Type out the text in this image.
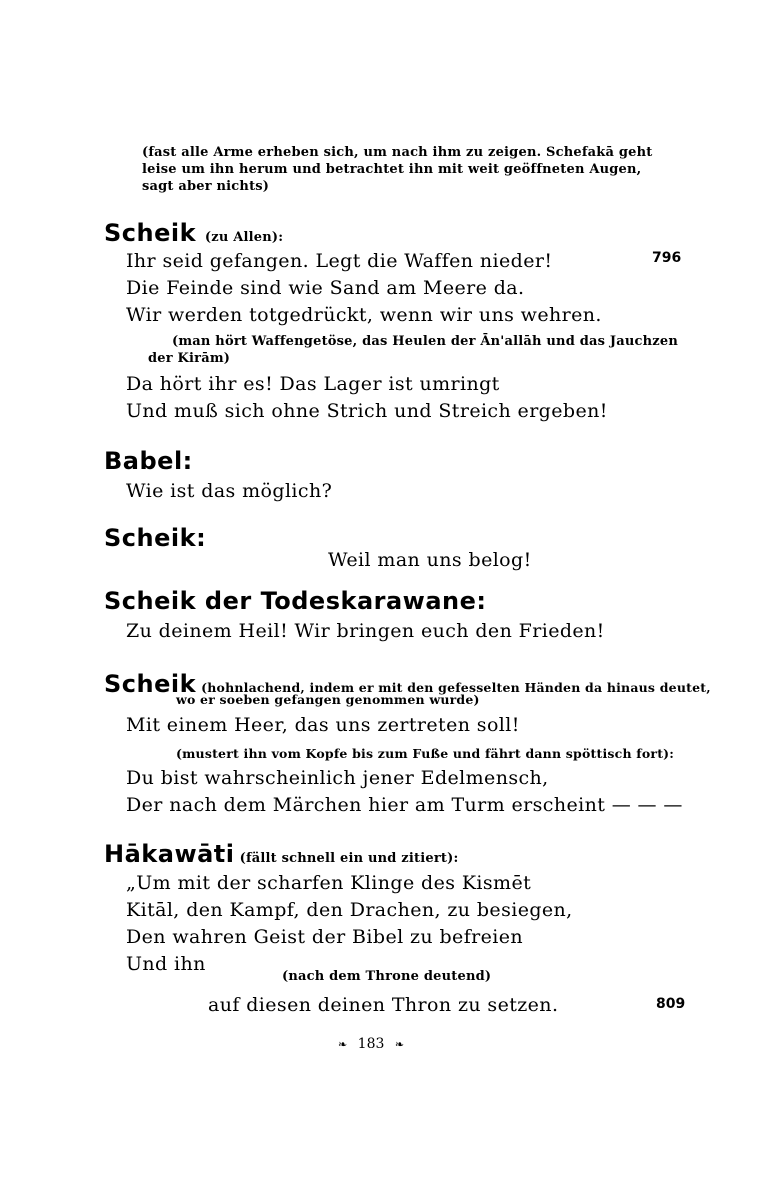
(fast alle Arme erheben sich, um nach ihm zu zeigen. Schefakā geht
leise um ihn herum und betrachtet ihn mit weit geöffneten Augen,
sagt aber nichts)
Scheik (zu Allen):
Ihr seid gefangen. Legt die Waffen nieder!
Die Feinde sind wie Sand am Meere da.
Wir werden totgedrückt, wenn wir uns wehren.
796
(man hört Waffengetöse, das Heulen der Ān'allāh und das Jauchzen
der Kirām)
Da hört ihr es! Das Lager ist umringt
Und muß sich ohne Strich und Streich ergeben!
Babel:
Wie ist das möglich?
Scheik:
Weil man uns belog!
Scheik der Todeskarawane:
Zu deinem Heil! Wir bringen euch den Frieden!
Scheik (hohnlachend, indem er mit den gefesselten Händen da hinaus deutet,
wo er soeben gefangen genommen wurde)
Mit einem Heer, das uns zertreten soll!
(mustert ihn vom Kopfe bis zum Fuße und fährt dann spöttisch fort):
Du bist wahrscheinlich jener Edelmensch,
Der nach dem Märchen hier am Turm erscheint — — —
Hākawāti (fällt schnell ein und zitiert):
„Um mit der scharfen Klinge des Kismēt
Kitāl, den Kampf, den Drachen, zu besiegen,
Den wahren Geist der Bibel zu befreien
Und ihn
(nach dem Throne deutend)
auf diesen deinen Thron zu setzen.	809
❧ 183 ❧
